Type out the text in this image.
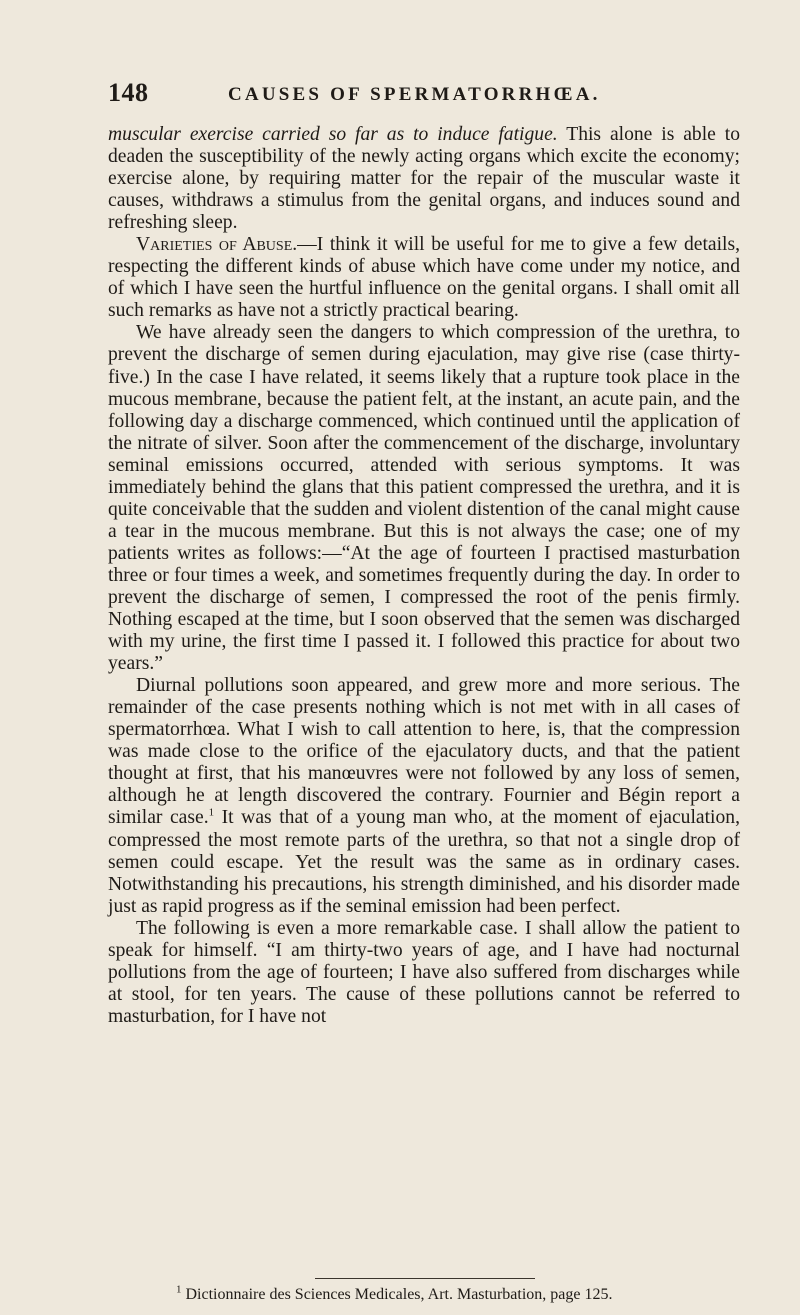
148	CAUSES OF SPERMATORRHŒA.

muscular exercise carried so far as to induce fatigue. This alone is able to deaden the susceptibility of the newly acting organs which excite the economy; exercise alone, by requiring matter for the repair of the muscular waste it causes, withdraws a stimulus from the genital organs, and induces sound and refreshing sleep.

Varieties of Abuse.—I think it will be useful for me to give a few details, respecting the different kinds of abuse which have come under my notice, and of which I have seen the hurtful influence on the genital organs. I shall omit all such remarks as have not a strictly practical bearing.

We have already seen the dangers to which compression of the urethra, to prevent the discharge of semen during ejaculation, may give rise (case thirty-five.) In the case I have related, it seems likely that a rupture took place in the mucous membrane, because the patient felt, at the instant, an acute pain, and the following day a discharge commenced, which continued until the application of the nitrate of silver. Soon after the commencement of the discharge, involuntary seminal emissions occurred, attended with serious symptoms. It was immediately behind the glans that this patient compressed the urethra, and it is quite conceivable that the sudden and violent distention of the canal might cause a tear in the mucous membrane. But this is not always the case; one of my patients writes as follows:—“At the age of fourteen I practised masturbation three or four times a week, and sometimes frequently during the day. In order to prevent the discharge of semen, I compressed the root of the penis firmly. Nothing escaped at the time, but I soon observed that the semen was discharged with my urine, the first time I passed it. I followed this practice for about two years.”

Diurnal pollutions soon appeared, and grew more and more serious. The remainder of the case presents nothing which is not met with in all cases of spermatorrhœa. What I wish to call attention to here, is, that the compression was made close to the orifice of the ejaculatory ducts, and that the patient thought at first, that his manœuvres were not followed by any loss of semen, although he at length discovered the contrary. Fournier and Bégin report a similar case.$^1$ It was that of a young man who, at the moment of ejaculation, compressed the most remote parts of the urethra, so that not a single drop of semen could escape. Yet the result was the same as in ordinary cases. Notwithstanding his precautions, his strength diminished, and his disorder made just as rapid progress as if the seminal emission had been perfect.

The following is even a more remarkable case. I shall allow the patient to speak for himself. “I am thirty-two years of age, and I have had nocturnal pollutions from the age of fourteen; I have also suffered from discharges while at stool, for ten years. The cause of these pollutions cannot be referred to masturbation, for I have not

$^1$ Dictionnaire des Sciences Medicales, Art. Masturbation, page 125.
